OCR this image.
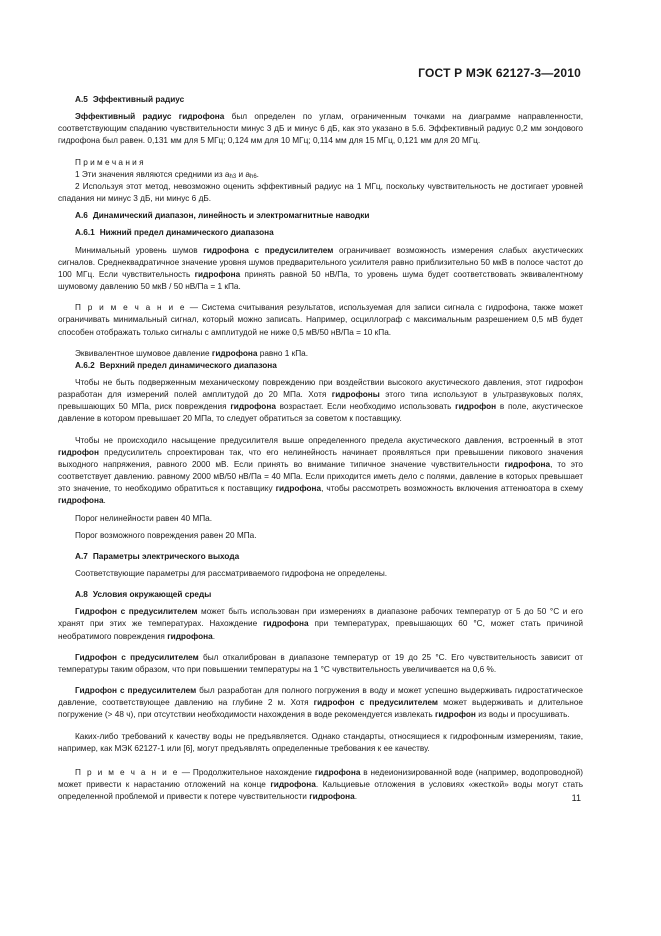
ГОСТ Р МЭК 62127-3—2010

А.5 Эффективный радиус

Эффективный радиус гидрофона был определен по углам, ограниченным точками на диаграмме направленности, соответствующим спаданию чувствительности минус 3 дБ и минус 6 дБ, как это указано в 5.6. Эффективный радиус 0,2 мм зондового гидрофона был равен. 0,131 мм для 5 МГц; 0,124 мм для 10 МГц; 0,114 мм для 15 МГц, 0,121 мм для 20 МГц.

П р и м е ч а н и я

1 Эти значения являются средними из $a_{h3}$ и $a_{h6}$.

2 Используя этот метод, невозможно оценить эффективный радиус на 1 МГц, поскольку чувствительность не достигает уровней спадания ни минус 3 дБ, ни минус 6 дБ.

А.6 Динамический диапазон, линейность и электромагнитные наводки

А.6.1 Нижний предел динамического диапазона

Минимальный уровень шумов гидрофона с предусилителем ограничивает возможность измерения слабых акустических сигналов. Среднеквадратичное значение уровня шумов предварительного усилителя равно приблизительно 50 мкВ в полосе частот до 100 МГц. Если чувствительность гидрофона принять равной 50 нВ/Па, то уровень шума будет соответствовать эквивалентному шумовому давлению 50 мкВ / 50 нВ/Па = 1 кПа.

П р и м е ч а н и е — Система считывания результатов, используемая для записи сигнала с гидрофона, также может ограничивать минимальный сигнал, который можно записать. Например, осциллограф с максимальным разрешением 0,5 мВ будет способен отображать только сигналы с амплитудой не ниже 0,5 мВ/50 нВ/Па = 10 кПа.

Эквивалентное шумовое давление гидрофона равно 1 кПа.

А.6.2 Верхний предел динамического диапазона

Чтобы не быть подверженным механическому повреждению при воздействии высокого акустического давления, этот гидрофон разработан для измерений полей амплитудой до 20 МПа. Хотя гидрофоны этого типа используют в ультразвуковых полях, превышающих 50 МПа, риск повреждения гидрофона возрастает. Если необходимо использовать гидрофон в поле, акустическое давление в котором превышает 20 МПа, то следует обратиться за советом к поставщику.

Чтобы не происходило насыщение предусилителя выше определенного предела акустического давления, встроенный в этот гидрофон предусилитель спроектирован так, что его нелинейность начинает проявляться при превышении пикового значения выходного напряжения, равного 2000 мВ. Если принять во внимание типичное значение чувствительности гидрофона, то это соответствует давлению. равному 2000 мВ/50 нВ/Па = 40 МПа. Если приходится иметь дело с полями, давление в которых превышает это значение, то необходимо обратиться к поставщику гидрофона, чтобы рассмотреть возможность включения аттенюатора в схему гидрофона.

Порог нелинейности равен 40 МПа.

Порог возможного повреждения равен 20 МПа.

А.7 Параметры электрического выхода

Соответствующие параметры для рассматриваемого гидрофона не определены.

А.8 Условия окружающей среды

Гидрофон с предусилителем может быть использован при измерениях в диапазоне рабочих температур от 5 до 50 °С и его хранят при этих же температурах. Нахождение гидрофона при температурах, превышающих 60 °С, может стать причиной необратимого повреждения гидрофона.

Гидрофон с предусилителем был откалиброван в диапазоне температур от 19 до 25 °С. Его чувствительность зависит от температуры таким образом, что при повышении температуры на 1 °С чувствительность увеличивается на 0,6 %.

Гидрофон с предусилителем был разработан для полного погружения в воду и может успешно выдерживать гидростатическое давление, соответствующее давлению на глубине 2 м. Хотя гидрофон с предусилителем может выдерживать и длительное погружение (> 48 ч), при отсутствии необходимости нахождения в воде рекомендуется извлекать гидрофон из воды и просушивать.

Каких-либо требований к качеству воды не предъявляется. Однако стандарты, относящиеся к гидрофонным измерениям, такие, например, как МЭК 62127-1 или [6], могут предъявлять определенные требования к ее качеству.

П р и м е ч а н и е — Продолжительное нахождение гидрофона в недеионизированной воде (например, водопроводной) может привести к нарастанию отложений на конце гидрофона. Кальциевые отложения в условиях «жесткой» воды могут стать определенной проблемой и привести к потере чувствительности гидрофона.	11
